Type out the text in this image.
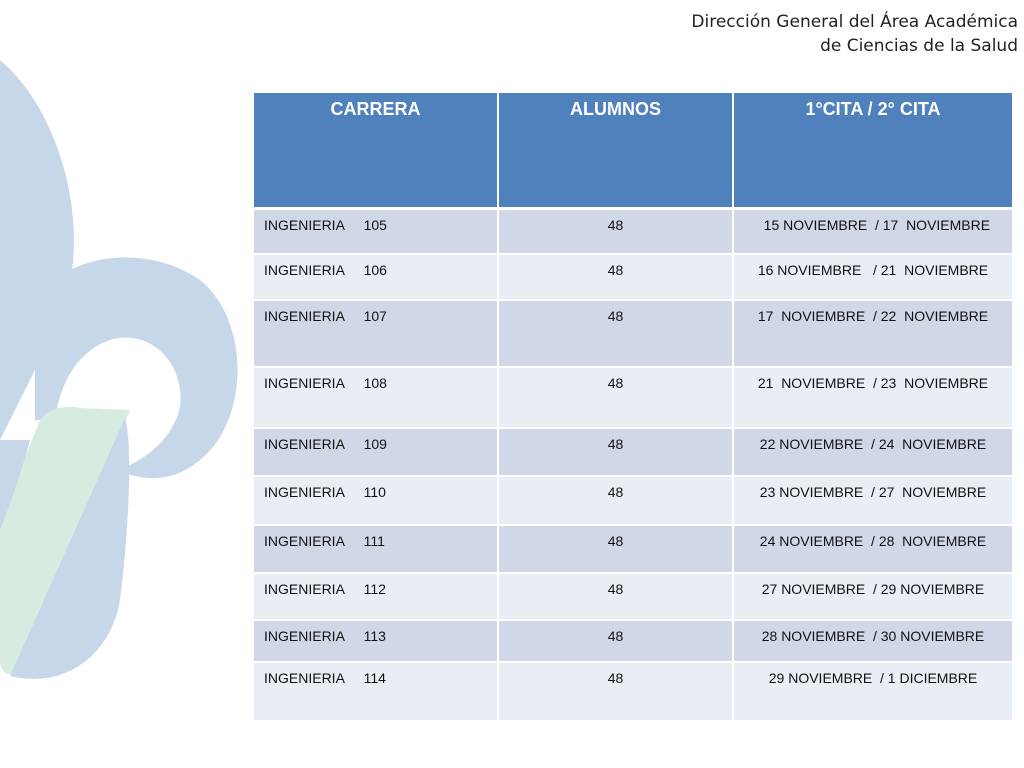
Dirección General del Área Académica
de Ciencias de la Salud
CARRERA	ALUMNOS	1°CITA / 2° CITA
INGENIERIA     105	48	15 NOVIEMBRE  / 17  NOVIEMBRE
INGENIERIA     106	48	16 NOVIEMBRE   / 21  NOVIEMBRE
INGENIERIA     107	48	17  NOVIEMBRE  / 22  NOVIEMBRE
INGENIERIA     108	48	21  NOVIEMBRE  / 23  NOVIEMBRE
INGENIERIA     109	48	22 NOVIEMBRE  / 24  NOVIEMBRE
INGENIERIA     110	48	23 NOVIEMBRE  / 27  NOVIEMBRE
INGENIERIA     111	48	24 NOVIEMBRE  / 28  NOVIEMBRE
INGENIERIA     112	48	27 NOVIEMBRE  / 29 NOVIEMBRE
INGENIERIA     113	48	28 NOVIEMBRE  / 30 NOVIEMBRE
INGENIERIA     114	48	29 NOVIEMBRE  / 1 DICIEMBRE
